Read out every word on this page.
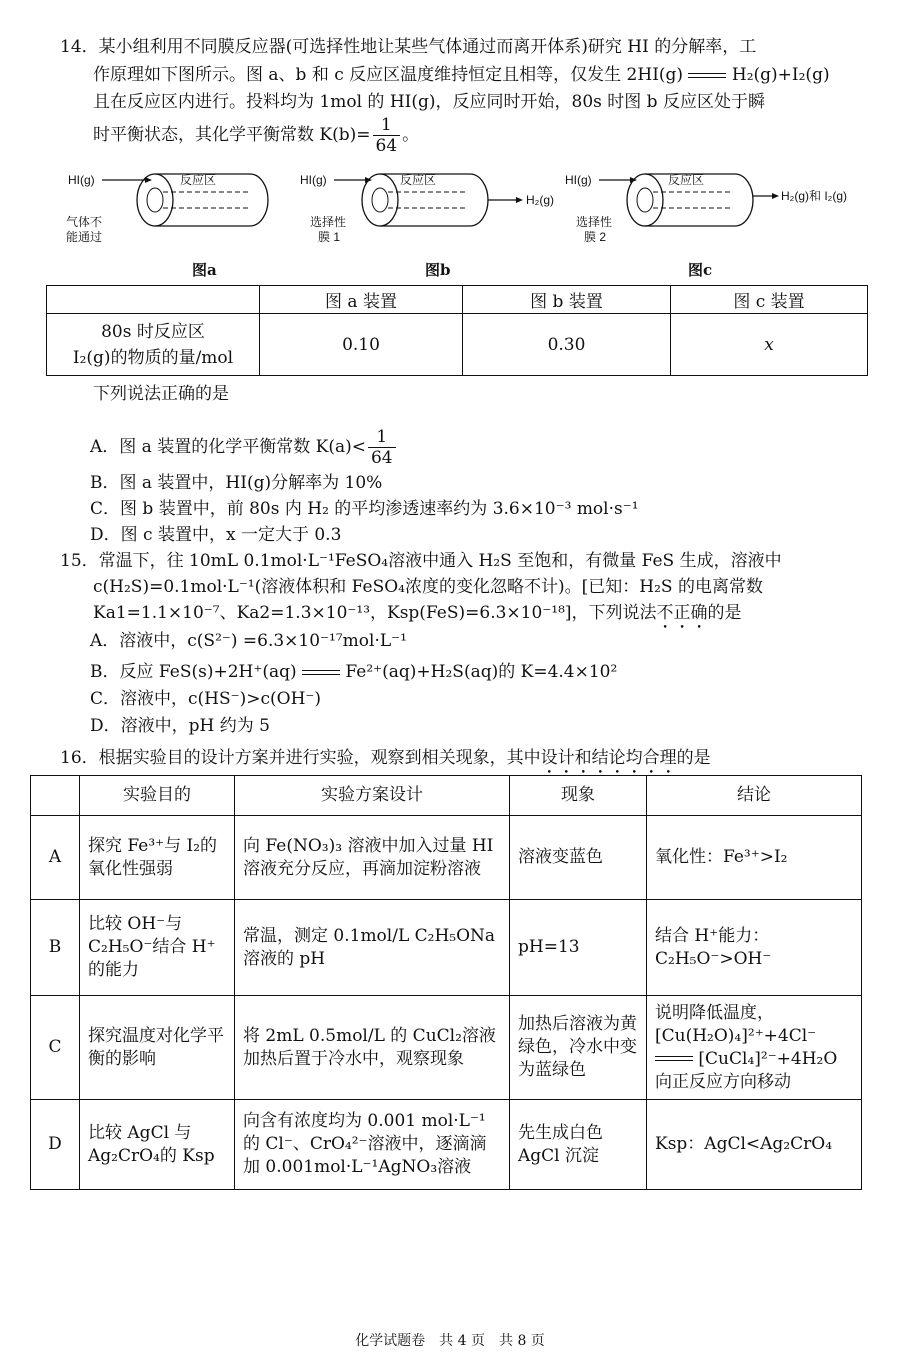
14．某小组利用不同膜反应器(可选择性地让某些气体通过而离开体系)研究 HI 的分解率，工
作原理如下图所示。图 a、b 和 c 反应区温度维持恒定且相等，仅发生 2HI(g)	H₂(g)+I₂(g)
且在反应区内进行。投料均为 1mol 的 HI(g)，反应同时开始，80s 时图 b 反应区处于瞬
时平衡状态，其化学平衡常数 $K(b)= \frac{1}{64}$ 。
HI(g)	反应区
气体不
能通过
HI(g)	反应区
H₂(g)
选择性
膜 1
HI(g)	反应区
H₂(g)和 I₂(g)
选择性
膜 2
图a	图b	图c
	图 a 装置	图 b 装置	图 c 装置
80s 时反应区
I₂(g)的物质的量/mol	0.10	0.30	x
下列说法正确的是
A．图 a 装置的化学平衡常数 $K(a)< \frac{1}{64}$
B．图 a 装置中，HI(g)分解率为 10%
C．图 b 装置中，前 80s 内 H₂ 的平均渗透速率约为 3.6×10⁻³ mol·s⁻¹
D．图 c 装置中，x 一定大于 0.3
15．常温下，往 10mL 0.1mol·L⁻¹FeSO₄溶液中通入 H₂S 至饱和，有微量 FeS 生成，溶液中
c(H₂S)=0.1mol·L⁻¹(溶液体积和 FeSO₄浓度的变化忽略不计)。[已知：H₂S 的电离常数
Ka1=1.1×10⁻⁷、Ka2=1.3×10⁻¹³，Ksp(FeS)=6.3×10⁻¹⁸]，下列说法不正确的是
A．溶液中，c(S²⁻) =6.3×10⁻¹⁷mol·L⁻¹
B．反应 FeS(s)+2H⁺(aq)	Fe²⁺(aq)+H₂S(aq)的 K=4.4×10²
C．溶液中，c(HS⁻)>c(OH⁻)
D．溶液中，pH 约为 5
16．根据实验目的设计方案并进行实验，观察到相关现象，其中设计和结论均合理的是
	实验目的	实验方案设计	现象	结论
A	探究 Fe³⁺与 I₂的氧化性强弱	向 Fe(NO₃)₃ 溶液中加入过量 HI 溶液充分反应，再滴加淀粉溶液	溶液变蓝色	氧化性：Fe³⁺>I₂
B	比较 OH⁻与 C₂H₅O⁻结合 H⁺的能力	常温，测定 0.1mol/L C₂H₅ONa 溶液的 pH	pH=13	结合 H⁺能力：C₂H₅O⁻>OH⁻
C	探究温度对化学平衡的影响	将 2mL 0.5mol/L 的 CuCl₂溶液加热后置于冷水中，观察现象	加热后溶液为黄绿色，冷水中变为蓝绿色	说明降低温度，
[Cu(H₂O)₄]²⁺+4Cl⁻
[CuCl₄]²⁻+4H₂O
向正反应方向移动

D	比较 AgCl 与 Ag₂CrO₄的 Ksp	向含有浓度均为 0.001 mol·L⁻¹的 Cl⁻、CrO₄²⁻溶液中，逐滴滴加 0.001mol·L⁻¹AgNO₃溶液	先生成白色 AgCl 沉淀	Ksp：AgCl<Ag₂CrO₄
化学试题卷　共 4 页　共 8 页
